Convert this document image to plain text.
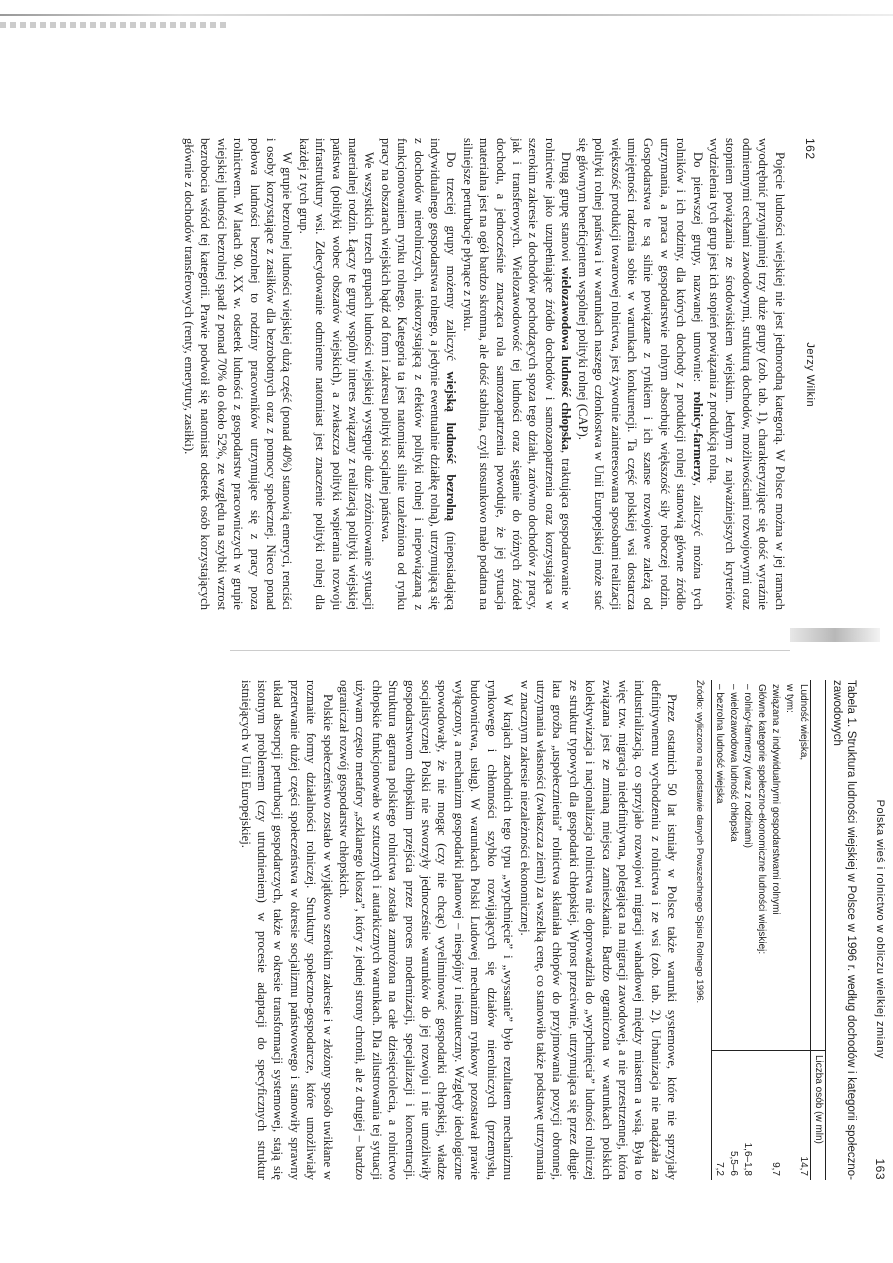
162
Jerzy Wilkin

Pojęcie ludności wiejskiej nie jest jednorodną kategorią. W Polsce można w jej ramach wyodrębnić przynajmniej trzy duże grupy (zob. tab. 1), charakteryzujące się dość wyraźnie odmiennymi cechami zawodowymi, strukturą dochodów, możliwościami rozwojowymi oraz stopniem powiązania ze środowiskiem wiejskim. Jednym z najważniejszych kryteriów wydzielenia tych grup jest ich stopień powiązania z produkcją rolną.

Do pierwszej grupy, nazwanej umownie: rolnicy-farmerzy, zaliczyć można tych rolników i ich rodziny, dla których dochody z produkcji rolnej stanowią główne źródło utrzymania, a praca w gospodarstwie rolnym absorbuje większość siły roboczej rodzin. Gospodarstwa te są silnie powiązane z rynkiem i ich szanse rozwojowe zależą od umiejętności radzenia sobie w warunkach konkurencji. Ta część polskiej wsi dostarcza większość produkcji towarowej rolnictwa, jest żywotnie zainteresowana sposobami realizacji polityki rolnej państwa i w warunkach naszego członkostwa w Unii Europejskiej może stać się głównym beneficjentem wspólnej polityki rolnej (CAP).

Drugą grupę stanowi wielozawodowa ludność chłopska, traktująca gospodarowanie w rolnictwie jako uzupełniające źródło dochodów i samozaopatrzenia oraz korzystająca w szerokim zakresie z dochodów pochodzących spoza tego działu, zarówno dochodów z pracy, jak i transferowych. Wielozawodowość tej ludności oraz sięganie do różnych źródeł dochodu, a jednocześnie znacząca rola samozaopatrzenia powoduje, że jej sytuacja materialna jest na ogół bardzo skromna, ale dość stabilna, czyli stosunkowo mało podatna na silniejsze perturbacje płynące z rynku.

Do trzeciej grupy możemy zaliczyć wiejską ludność bezrolną (nieposiadającą indywidualnego gospodarstwa rolnego, a jedynie ewentualnie działkę rolną), utrzymującą się z dochodów nierolniczych, niekorzystającą z efektów polityki rolnej i niepowiązaną z funkcjonowaniem rynku rolnego. Kategoria ta jest natomiast silnie uzależniona od rynku pracy na obszarach wiejskich bądź od form i zakresu polityki socjalnej państwa.

We wszystkich trzech grupach ludności wiejskiej występuje duże zróżnicowanie sytuacji materialnej rodzin. Łączy te grupy wspólny interes związany z realizacją polityki wiejskiej państwa (polityki wobec obszarów wiejskich), a zwłaszcza polityki wspierania rozwoju infrastruktury wsi. Zdecydowanie odmienne natomiast jest znaczenie polityki rolnej dla każdej z tych grup.

W grupie bezrolnej ludności wiejskiej dużą część (ponad 40%) stanowią emeryci, renciści i osoby korzystające z zasiłków dla bezrobotnych oraz z pomocy społecznej. Nieco ponad połowa ludności bezrolnej to rodziny pracowników utrzymujące się z pracy poza rolnictwem. W latach 90. XX w. odsetek ludności z gospodarstw pracowniczych w grupie wiejskiej ludności bezrolnej spadł z ponad 70% do około 52%, ze względu na szybki wzrost bezrobocia wśród tej kategorii. Prawie podwoił się natomiast odsetek osób korzystających głównie z dochodów transferowych (renty, emerytury, zasiłki).

Polska wieś i rolnictwo w obliczu wielkiej zmiany
163
Tabela 1. Struktura ludności wiejskiej w Polsce w 1996 r. według dochodów i kategorii społeczno-zawodowych
	Liczba osób (w mln)
Ludność wiejska,	14,7
w tym:	
związana z indywidualnymi gospodarstwami rolnymi	9,7
Główne kategorie społeczno-ekonomiczne ludności wiejskiej:	
– rolnicy-farmerzy (wraz z rodzinami)	1,6–1,8
– wielozawodowa ludność chłopska	5,5–6
– bezrolna ludność wiejska	7,2
Źródło: wyliczono na podstawie danych Powszechnego Spisu Rolnego 1996.

Przez ostatnich 50 lat istniały w Polsce także warunki systemowe, które nie sprzyjały definitywnemu wychodzeniu z rolnictwa i ze wsi (zob. tab. 2). Urbanizacja nie nadążała za industrializacją, co sprzyjało rozwojowi migracji wahadłowej między miastem a wsią. Była to więc tzw. migracja niedefinitywna, polegająca na migracji zawodowej, a nie przestrzennej, która związana jest ze zmianą miejsca zamieszkania. Bardzo ograniczona w warunkach polskich kolektywizacja i nacjonalizacja rolnictwa nie doprowadziła do „wypchnięcia” ludności rolniczej ze struktur typowych dla gospodarki chłopskiej. Wprost przeciwnie, utrzymująca się przez długie lata groźba „uspołecznienia” rolnictwa skłaniała chłopów do przyjmowania pozycji obronnej, utrzymania własności (zwłaszcza ziemi) za wszelką cenę, co stanowiło także podstawę utrzymania w znacznym zakresie niezależności ekonomicznej.

W krajach zachodnich tego typu „wypchnięcie” i „wyssanie” było rezultatem mechanizmu rynkowego i chłonności szybko rozwijających się działów nierolniczych (przemysłu, budownictwa, usług). W warunkach Polski Ludowej mechanizm rynkowy pozostawał prawie wyłączony, a mechanizm gospodarki planowej – niespójny i nieskuteczny. Względy ideologiczne spowodowały, że nie mogąc (czy nie chcąc) wyeliminować gospodarki chłopskiej, władze socjalistycznej Polski nie stworzyły jednocześnie warunków do jej rozwoju i nie umożliwiły gospodarstwom chłopskim przejścia przez proces modernizacji, specjalizacji i koncentracji. Struktura agrarna polskiego rolnictwa została zamrożona na całe dziesięciolecia, a rolnictwo chłopskie funkcjonowało w sztucznych i autarkicznych warunkach. Dla zilustrowania tej sytuacji używam często metafory „szklanego klosza”, który z jednej strony chronił, ale z drugiej – bardzo ograniczał rozwój gospodarstw chłopskich.

Polskie społeczeństwo zostało w wyjątkowo szerokim zakresie i w złożony sposób uwikłane w rozmaite formy działalności rolniczej. Struktury społeczno-gospodarcze, które umożliwiały przetrwanie dużej części społeczeństwa w okresie socjalizmu państwowego i stanowiły sprawny układ absorpcji perturbacji gospodarczych, także w okresie transformacji systemowej, stają się istotnym problemem (czy utrudnieniem) w procesie adaptacji do specyficznych struktur istniejących w Unii Europejskiej.
